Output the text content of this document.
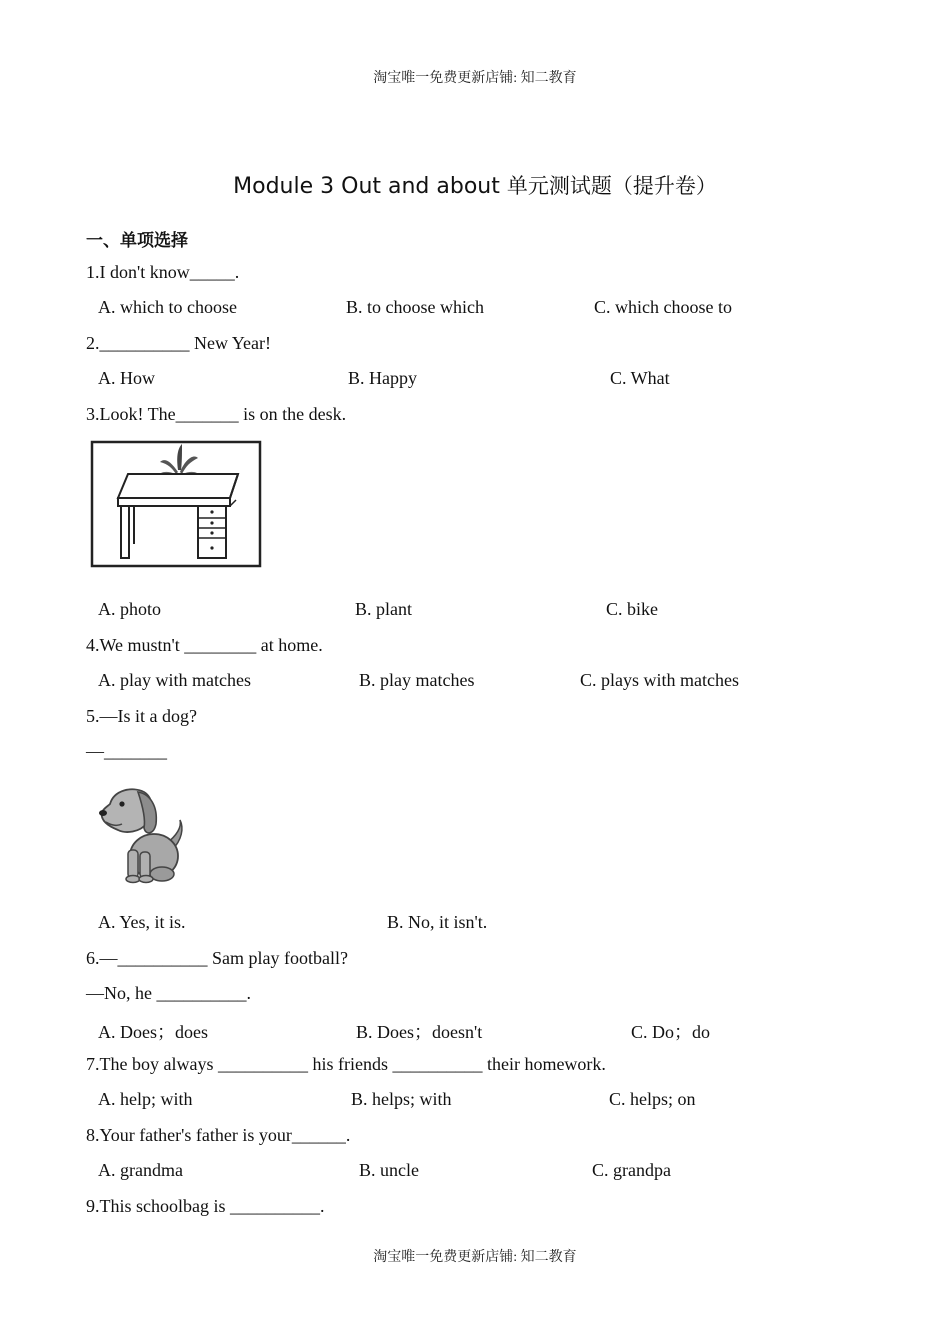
淘宝唯一免费更新店铺: 知二教育
Module 3 Out and about 单元测试题（提升卷）
一、单项选择
1.I don't know_____.
A. which to choose	B. to choose which	C. which choose to
2.__________ New Year!
A. How	B. Happy	C. What
3.Look! The_______ is on the desk.
A. photo	B. plant	C. bike
4.We mustn't ________ at home.
A. play with matches	B. play matches	C. plays with matches
5.—Is it a dog?
—_______
A. Yes, it is.	B. No, it isn't.
6.—__________ Sam play football?
—No, he __________.
A. Does；does	B. Does；doesn't	C. Do；do
7.The boy always __________ his friends __________ their homework.
A. help; with	B. helps; with	C. helps; on
8.Your father's father is your______.
A. grandma	B. uncle	C. grandpa
9.This schoolbag is __________.
淘宝唯一免费更新店铺: 知二教育
